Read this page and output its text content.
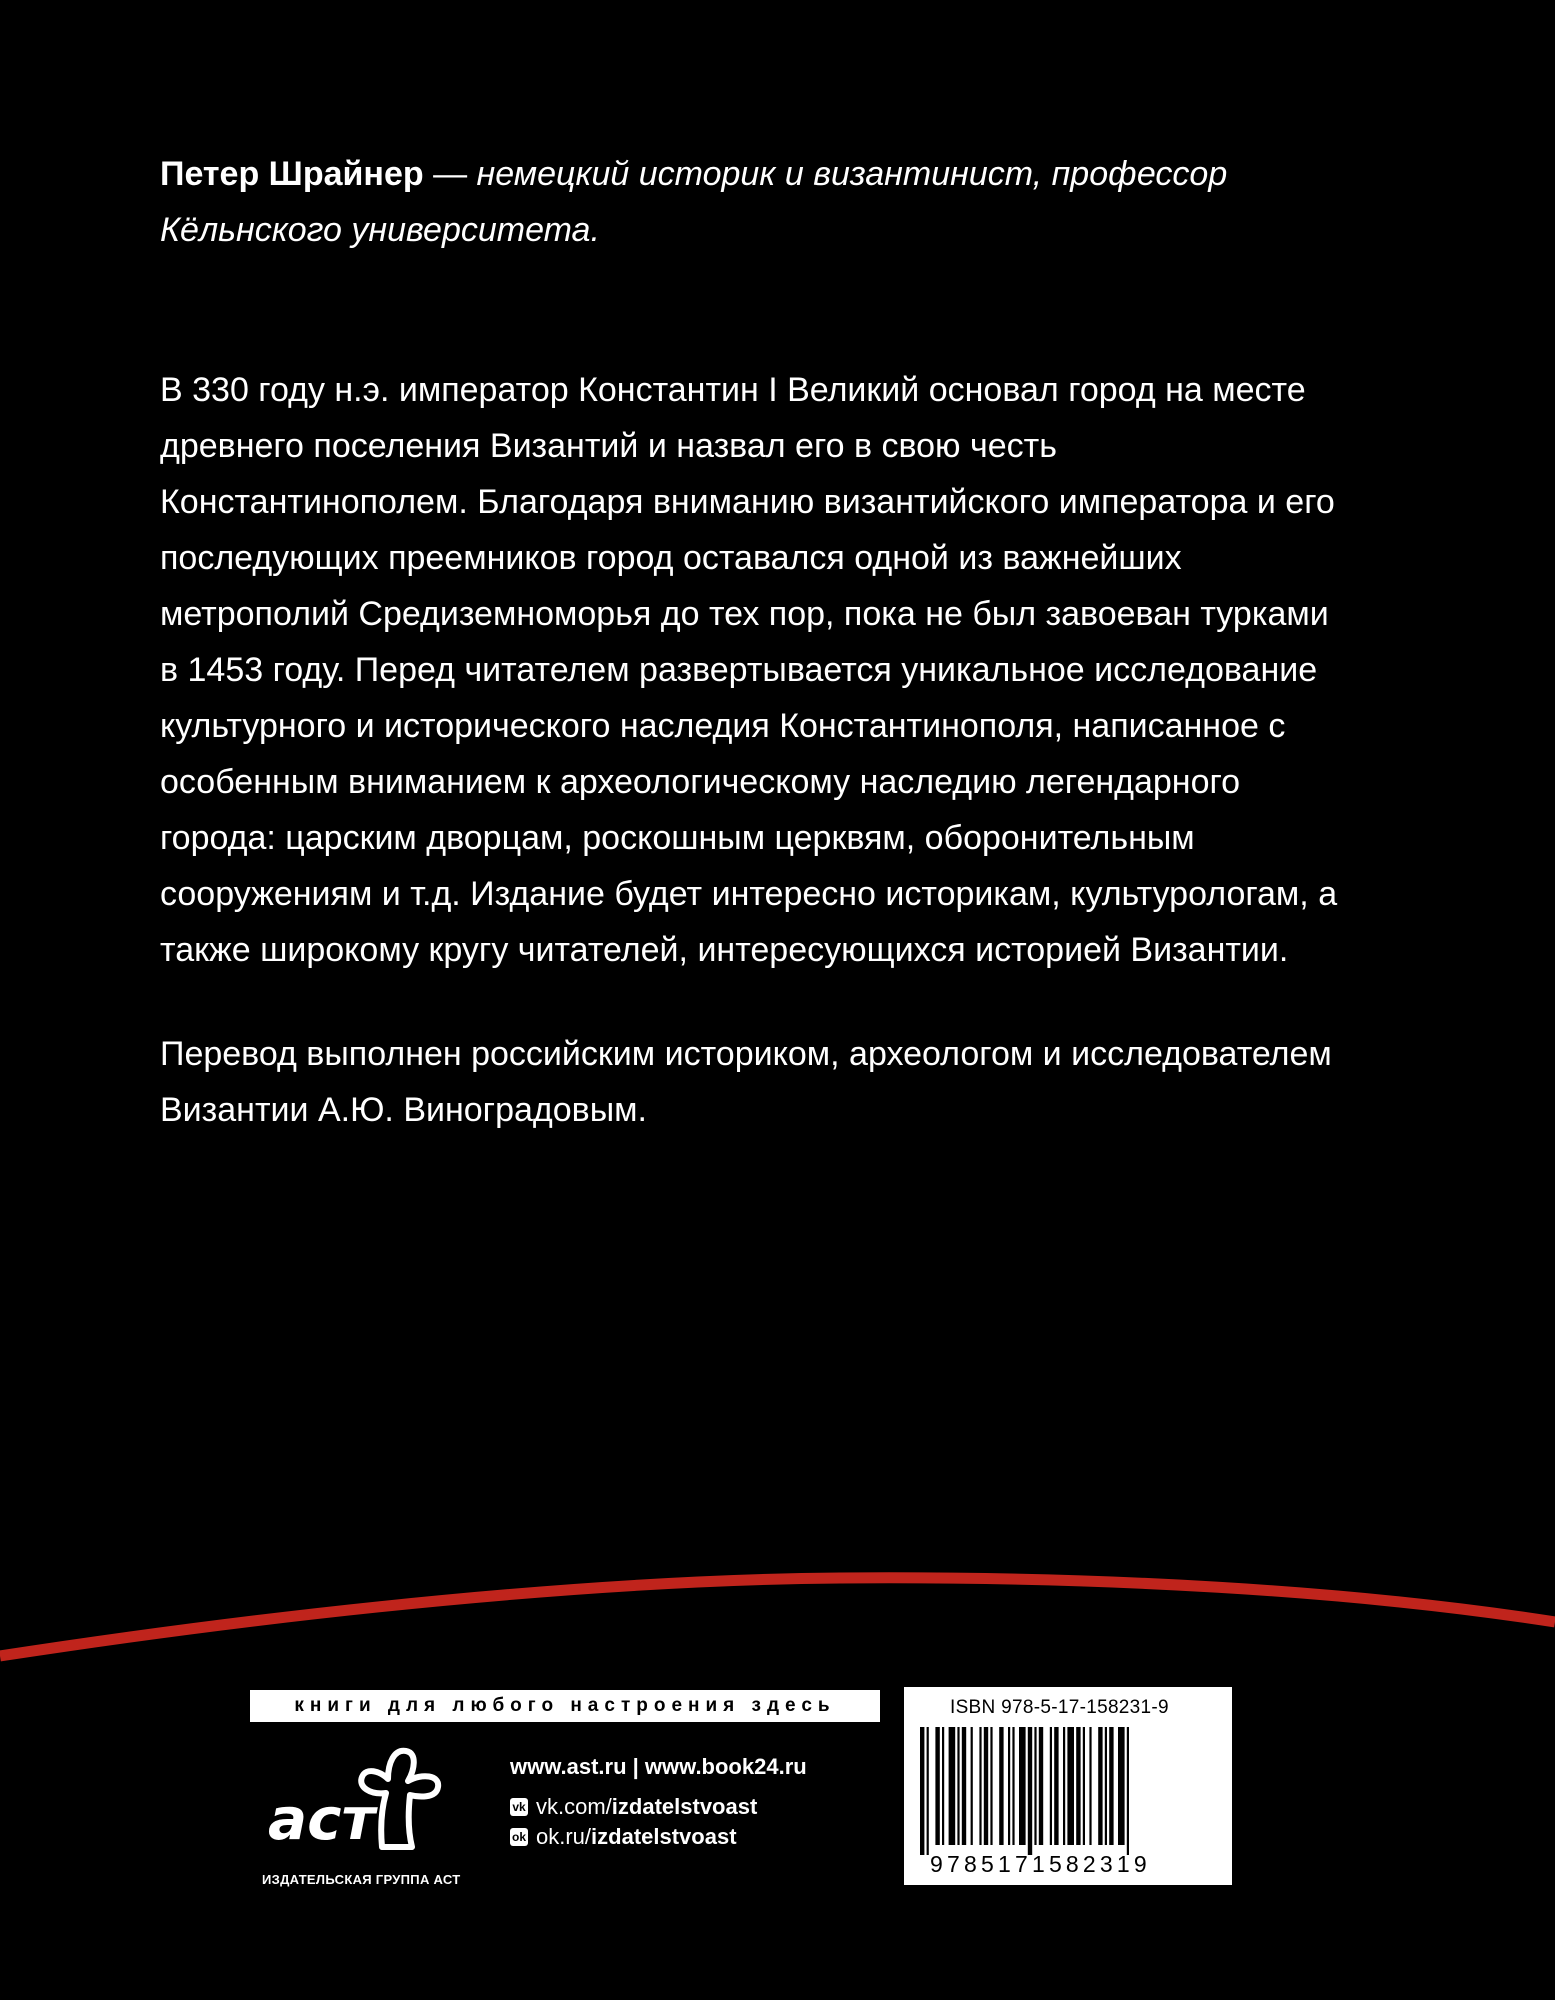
Петер Шрайнер — немецкий историк и византинист, профессор Кёльнского университета.

В 330 году н.э. император Константин I Великий основал город на месте древнего поселения Византий и назвал его в свою честь Константинополем. Благодаря вниманию византийского императора и его последующих преемников город оставался одной из важнейших метрополий Средиземноморья до тех пор, пока не был завоеван турками в 1453 году. Перед читателем развертывается уникальное исследование культурного и исторического наследия Константинополя, написанное с особенным вниманием к археологическому наследию легендарного города: царским дворцам, роскошным церквям, оборонительным сооружениям и т.д. Издание будет интересно историкам, культурологам, а также широкому кругу читателей, интересующихся историей Византии.

Перевод выполнен российским историком, археологом и исследователем Византии А.Ю. Виноградовым.

книги для любого настроения здесь
аст
ИЗДАТЕЛЬСКАЯ ГРУППА АСТ
www.ast.ru | www.book24.ru
vk vk.com/ izdatelstvoast
ok ok.ru/ izdatelstvoast
ISBN 978-5-17-158231-9
9785171582319
